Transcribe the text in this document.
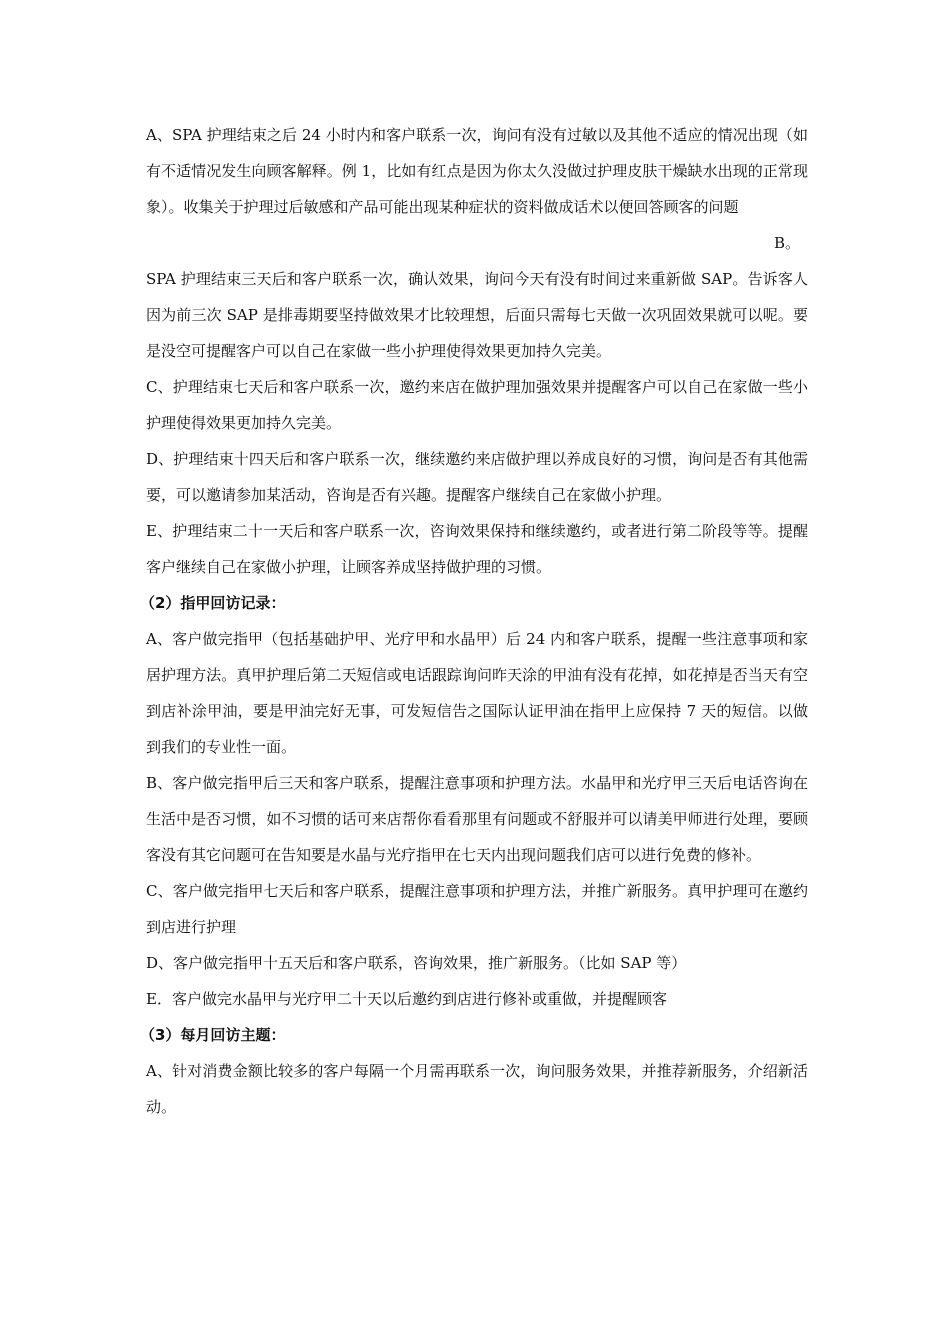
A、SPA 护理结束之后 24 小时内和客户联系一次，询问有没有过敏以及其他不适应的情况出现（如有不适情况发生向顾客解释。例 1，比如有红点是因为你太久没做过护理皮肤干燥缺水出现的正常现象）。收集关于护理过后敏感和产品可能出现某种症状的资料做成话术以便回答顾客的问题

B。

SPA 护理结束三天后和客户联系一次，确认效果，询问今天有没有时间过来重新做 SAP。告诉客人因为前三次 SAP 是排毒期要坚持做效果才比较理想，后面只需每七天做一次巩固效果就可以呢。要是没空可提醒客户可以自己在家做一些小护理使得效果更加持久完美。

C、护理结束七天后和客户联系一次，邀约来店在做护理加强效果并提醒客户可以自己在家做一些小护理使得效果更加持久完美。

D、护理结束十四天后和客户联系一次，继续邀约来店做护理以养成良好的习惯，询问是否有其他需要，可以邀请参加某活动，咨询是否有兴趣。提醒客户继续自己在家做小护理。

E、护理结束二十一天后和客户联系一次，咨询效果保持和继续邀约，或者进行第二阶段等等。提醒客户继续自己在家做小护理，让顾客养成坚持做护理的习惯。

（2）指甲回访记录：

A、客户做完指甲（包括基础护甲、光疗甲和水晶甲）后 24 内和客户联系，提醒一些注意事项和家居护理方法。真甲护理后第二天短信或电话跟踪询问昨天涂的甲油有没有花掉，如花掉是否当天有空到店补涂甲油，要是甲油完好无事，可发短信告之国际认证甲油在指甲上应保持 7 天的短信。以做到我们的专业性一面。

B、客户做完指甲后三天和客户联系，提醒注意事项和护理方法。水晶甲和光疗甲三天后电话咨询在生活中是否习惯，如不习惯的话可来店帮你看看那里有问题或不舒服并可以请美甲师进行处理，要顾客没有其它问题可在告知要是水晶与光疗指甲在七天内出现问题我们店可以进行免费的修补。

C、客户做完指甲七天后和客户联系，提醒注意事项和护理方法，并推广新服务。真甲护理可在邀约到店进行护理

D、客户做完指甲十五天后和客户联系，咨询效果，推广新服务。（比如 SAP 等）

E．客户做完水晶甲与光疗甲二十天以后邀约到店进行修补或重做，并提醒顾客

（3）每月回访主题：

A、针对消费金额比较多的客户每隔一个月需再联系一次，询问服务效果，并推荐新服务，介绍新活动。
